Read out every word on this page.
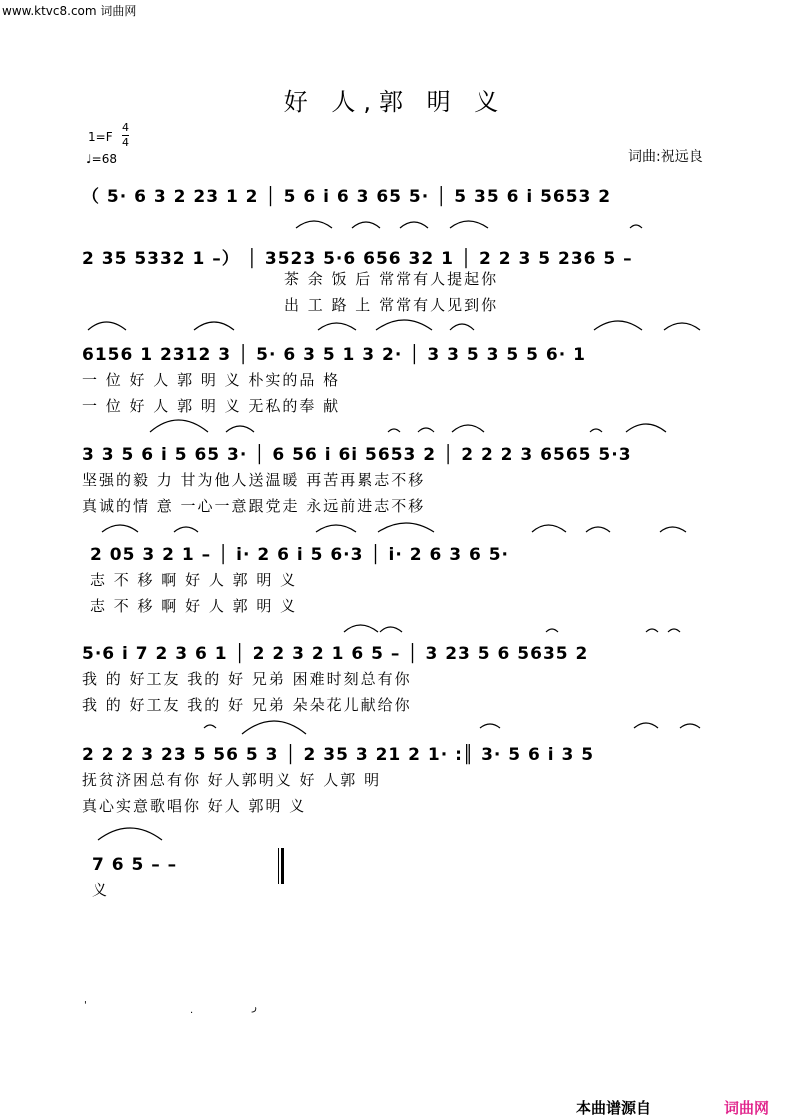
www.ktvc8.com 词曲网
好 人,郭 明 义
1=F
4
4
♩=68	词曲:祝远良
（ 5· 6 3 2 23 1 2 │ 5 6 i 6 3 65 5· │ 5 35 6 i 5653 2
2 35 5332 1 –） │ 3523 5·6 656 32 1 │ 2 2 3 5 236 5 –
茶 余 饭 后 常常有人提起你
出 工 路 上 常常有人见到你
6156 1 2312 3 │ 5· 6 3 5 1 3 2· │ 3 3 5 3 5 5 6· 1
一 位 好 人 郭 明 义 朴实的品 格
一 位 好 人 郭 明 义 无私的奉 献
3 3 5 6 i 5 65 3· │ 6 56 i 6i 5653 2 │ 2 2 2 3 6565 5·3
坚强的毅 力 甘为他人送温暖 再苦再累志不移
真诚的情 意 一心一意跟党走 永远前进志不移
2 05 3 2 1 – │ i· 2 6 i 5 6·3 │ i· 2 6 3 6 5·
志 不 移 啊 好 人 郭 明 义
志 不 移 啊 好 人 郭 明 义
5·6 i 7 2 3 6 1 │ 2 2 3 2 1 6 5 – │ 3 23 5 6 5635 2
我 的 好工友 我的 好 兄弟 困难时刻总有你
我 的 好工友 我的 好 兄弟 朵朵花儿献给你
2 2 2 3 23 5 56 5 3 │ 2 35 3 21 2 1· :║ 3· 5 6 i 3 5
抚贫济困总有你 好人郭明义 好 人郭 明
真心实意歌唱你 好人 郭明 义
7 6 5 – –
义
'	.	ر
本曲谱源自	词曲网
